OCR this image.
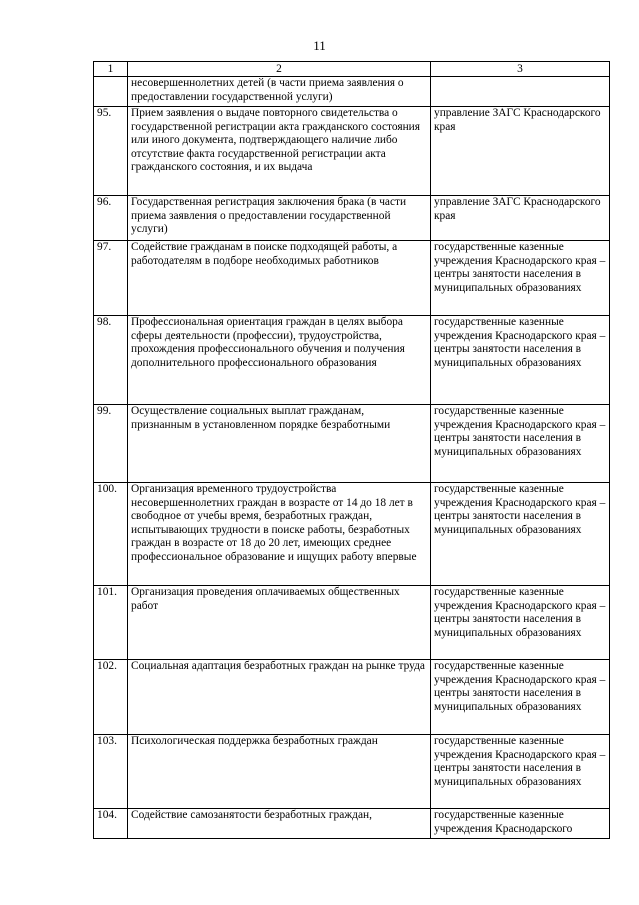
11
1	2	3
	несовершеннолетних детей (в части приема заявления о предоставлении государственной услуги)	
95.	Прием заявления о выдаче повторного свидетельства о государственной регистрации акта гражданского состояния или иного документа, подтверждающего наличие либо отсутствие факта государственной регистрации акта гражданского состояния, и их выдача	управление ЗАГС Краснодарского края
96.	Государственная регистрация заключения брака (в части приема заявления о предоставлении государственной услуги)	управление ЗАГС Краснодарского края
97.	Содействие гражданам в поиске подходящей работы, а работодателям в подборе необходимых работников	государственные казенные учреждения Краснодарского края – центры занятости населения в муниципальных образованиях
98.	Профессиональная ориентация граждан в целях выбора сферы деятельности (профессии), трудоустройства, прохождения профессионального обучения и получения дополнительного профессионального образования	государственные казенные учреждения Краснодарского края – центры занятости населения в муниципальных образованиях
99.	Осуществление социальных выплат гражданам, признанным в установленном порядке безработными	государственные казенные учреждения Краснодарского края – центры занятости населения в муниципальных образованиях
100.	Организация временного трудоустройства несовершеннолетних граждан в возрасте от 14 до 18 лет в свободное от учебы время, безработных граждан, испытывающих трудности в поиске работы, безработных граждан в возрасте от 18 до 20 лет, имеющих среднее профессиональное образование и ищущих работу впервые	государственные казенные учреждения Краснодарского края – центры занятости населения в муниципальных образованиях
101.	Организация проведения оплачиваемых общественных работ	государственные казенные учреждения Краснодарского края – центры занятости населения в муниципальных образованиях
102.	Социальная адаптация безработных граждан на рынке труда	государственные казенные учреждения Краснодарского края – центры занятости населения в муниципальных образованиях
103.	Психологическая поддержка безработных граждан	государственные казенные учреждения Краснодарского края – центры занятости населения в муниципальных образованиях
104.	Содействие самозанятости безработных граждан,	государственные казенные учреждения Краснодарского
